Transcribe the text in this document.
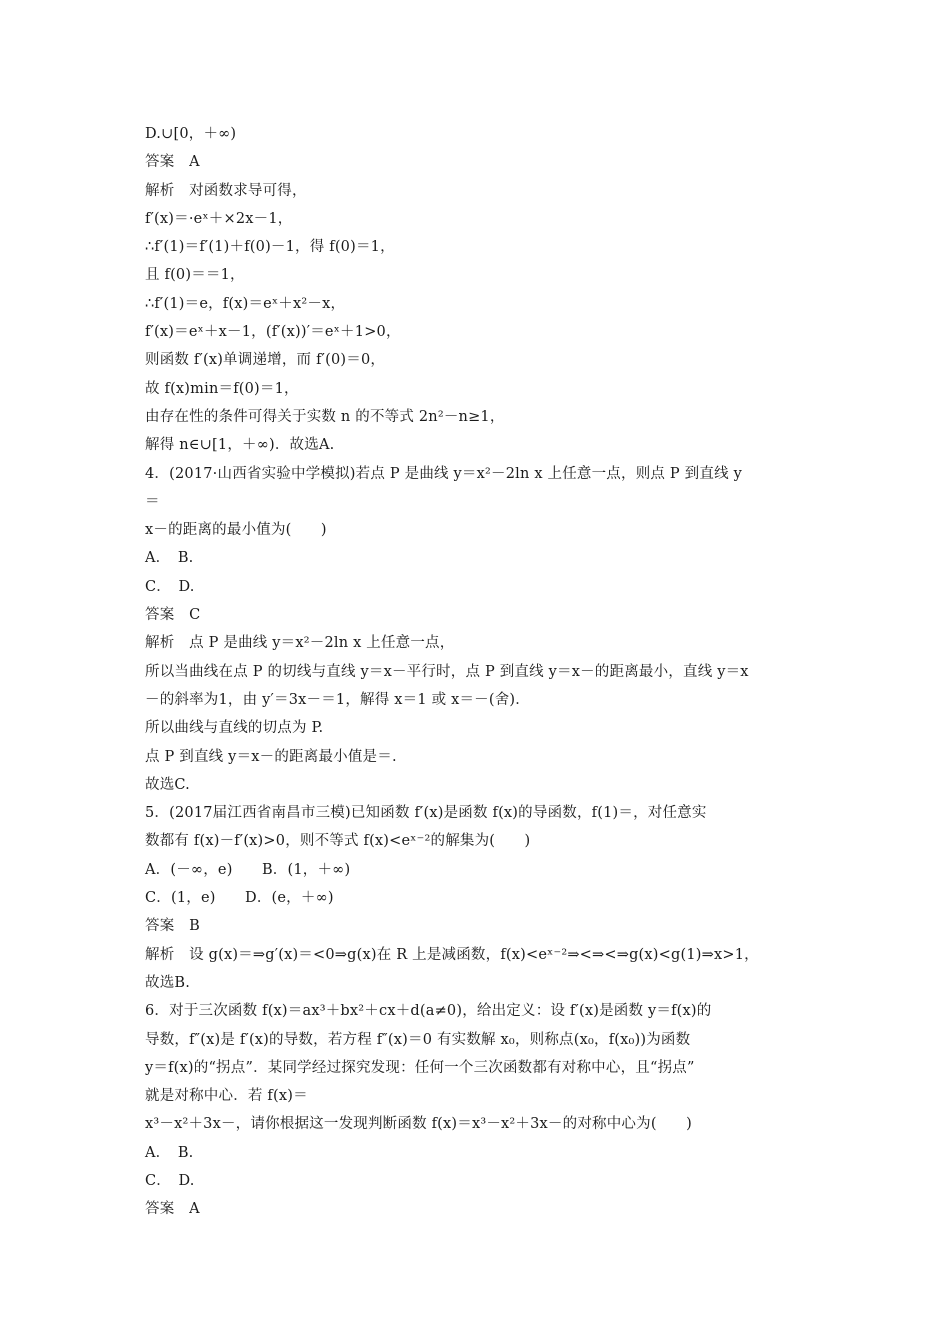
D.∪[0，＋∞)
答案　A
解析　对函数求导可得，
f′(x)＝·eˣ＋×2x－1，
∴f′(1)＝f′(1)＋f(0)－1，得 f(0)＝1，
且 f(0)＝＝1，
∴f′(1)＝e，f(x)＝eˣ＋x²－x，
f′(x)＝eˣ＋x－1，(f′(x))′＝eˣ＋1>0，
则函数 f′(x)单调递增，而 f′(0)＝0，
故 f(x)min＝f(0)＝1，
由存在性的条件可得关于实数 n 的不等式 2n²－n≥1，
解得 n∈∪[1，＋∞)．故选A.
4．(2017·山西省实验中学模拟)若点 P 是曲线 y＝x²－2ln x 上任意一点，则点 P 到直线 y
＝
x－的距离的最小值为(　　)
A．　B.
C．　D.
答案　C
解析　点 P 是曲线 y＝x²－2ln x 上任意一点，
所以当曲线在点 P 的切线与直线 y＝x－平行时，点 P 到直线 y＝x－的距离最小，直线 y＝x
－的斜率为1，由 y′＝3x－＝1，解得 x＝1 或 x＝－(舍)．
所以曲线与直线的切点为 P.
点 P 到直线 y＝x－的距离最小值是＝.
故选C.
5．(2017届江西省南昌市三模)已知函数 f′(x)是函数 f(x)的导函数，f(1)＝，对任意实
数都有 f(x)－f′(x)>0，则不等式 f(x)<eˣ⁻²的解集为(　　)
A．(－∞，e)　　B．(1，＋∞)
C．(1，e)　　D．(e，＋∞)
答案　B
解析　设 g(x)＝⇒g′(x)＝<0⇒g(x)在 R 上是减函数，f(x)<eˣ⁻²⇒<⇒<⇒g(x)<g(1)⇒x>1，
故选B.
6．对于三次函数 f(x)＝ax³＋bx²＋cx＋d(a≠0)，给出定义：设 f′(x)是函数 y＝f(x)的
导数，f″(x)是 f′(x)的导数，若方程 f″(x)＝0 有实数解 x₀，则称点(x₀，f(x₀))为函数
y＝f(x)的“拐点”．某同学经过探究发现：任何一个三次函数都有对称中心，且“拐点”
就是对称中心．若 f(x)＝
x³－x²＋3x－，请你根据这一发现判断函数 f(x)＝x³－x²＋3x－的对称中心为(　　)
A．　B.
C．　D.
答案　A
